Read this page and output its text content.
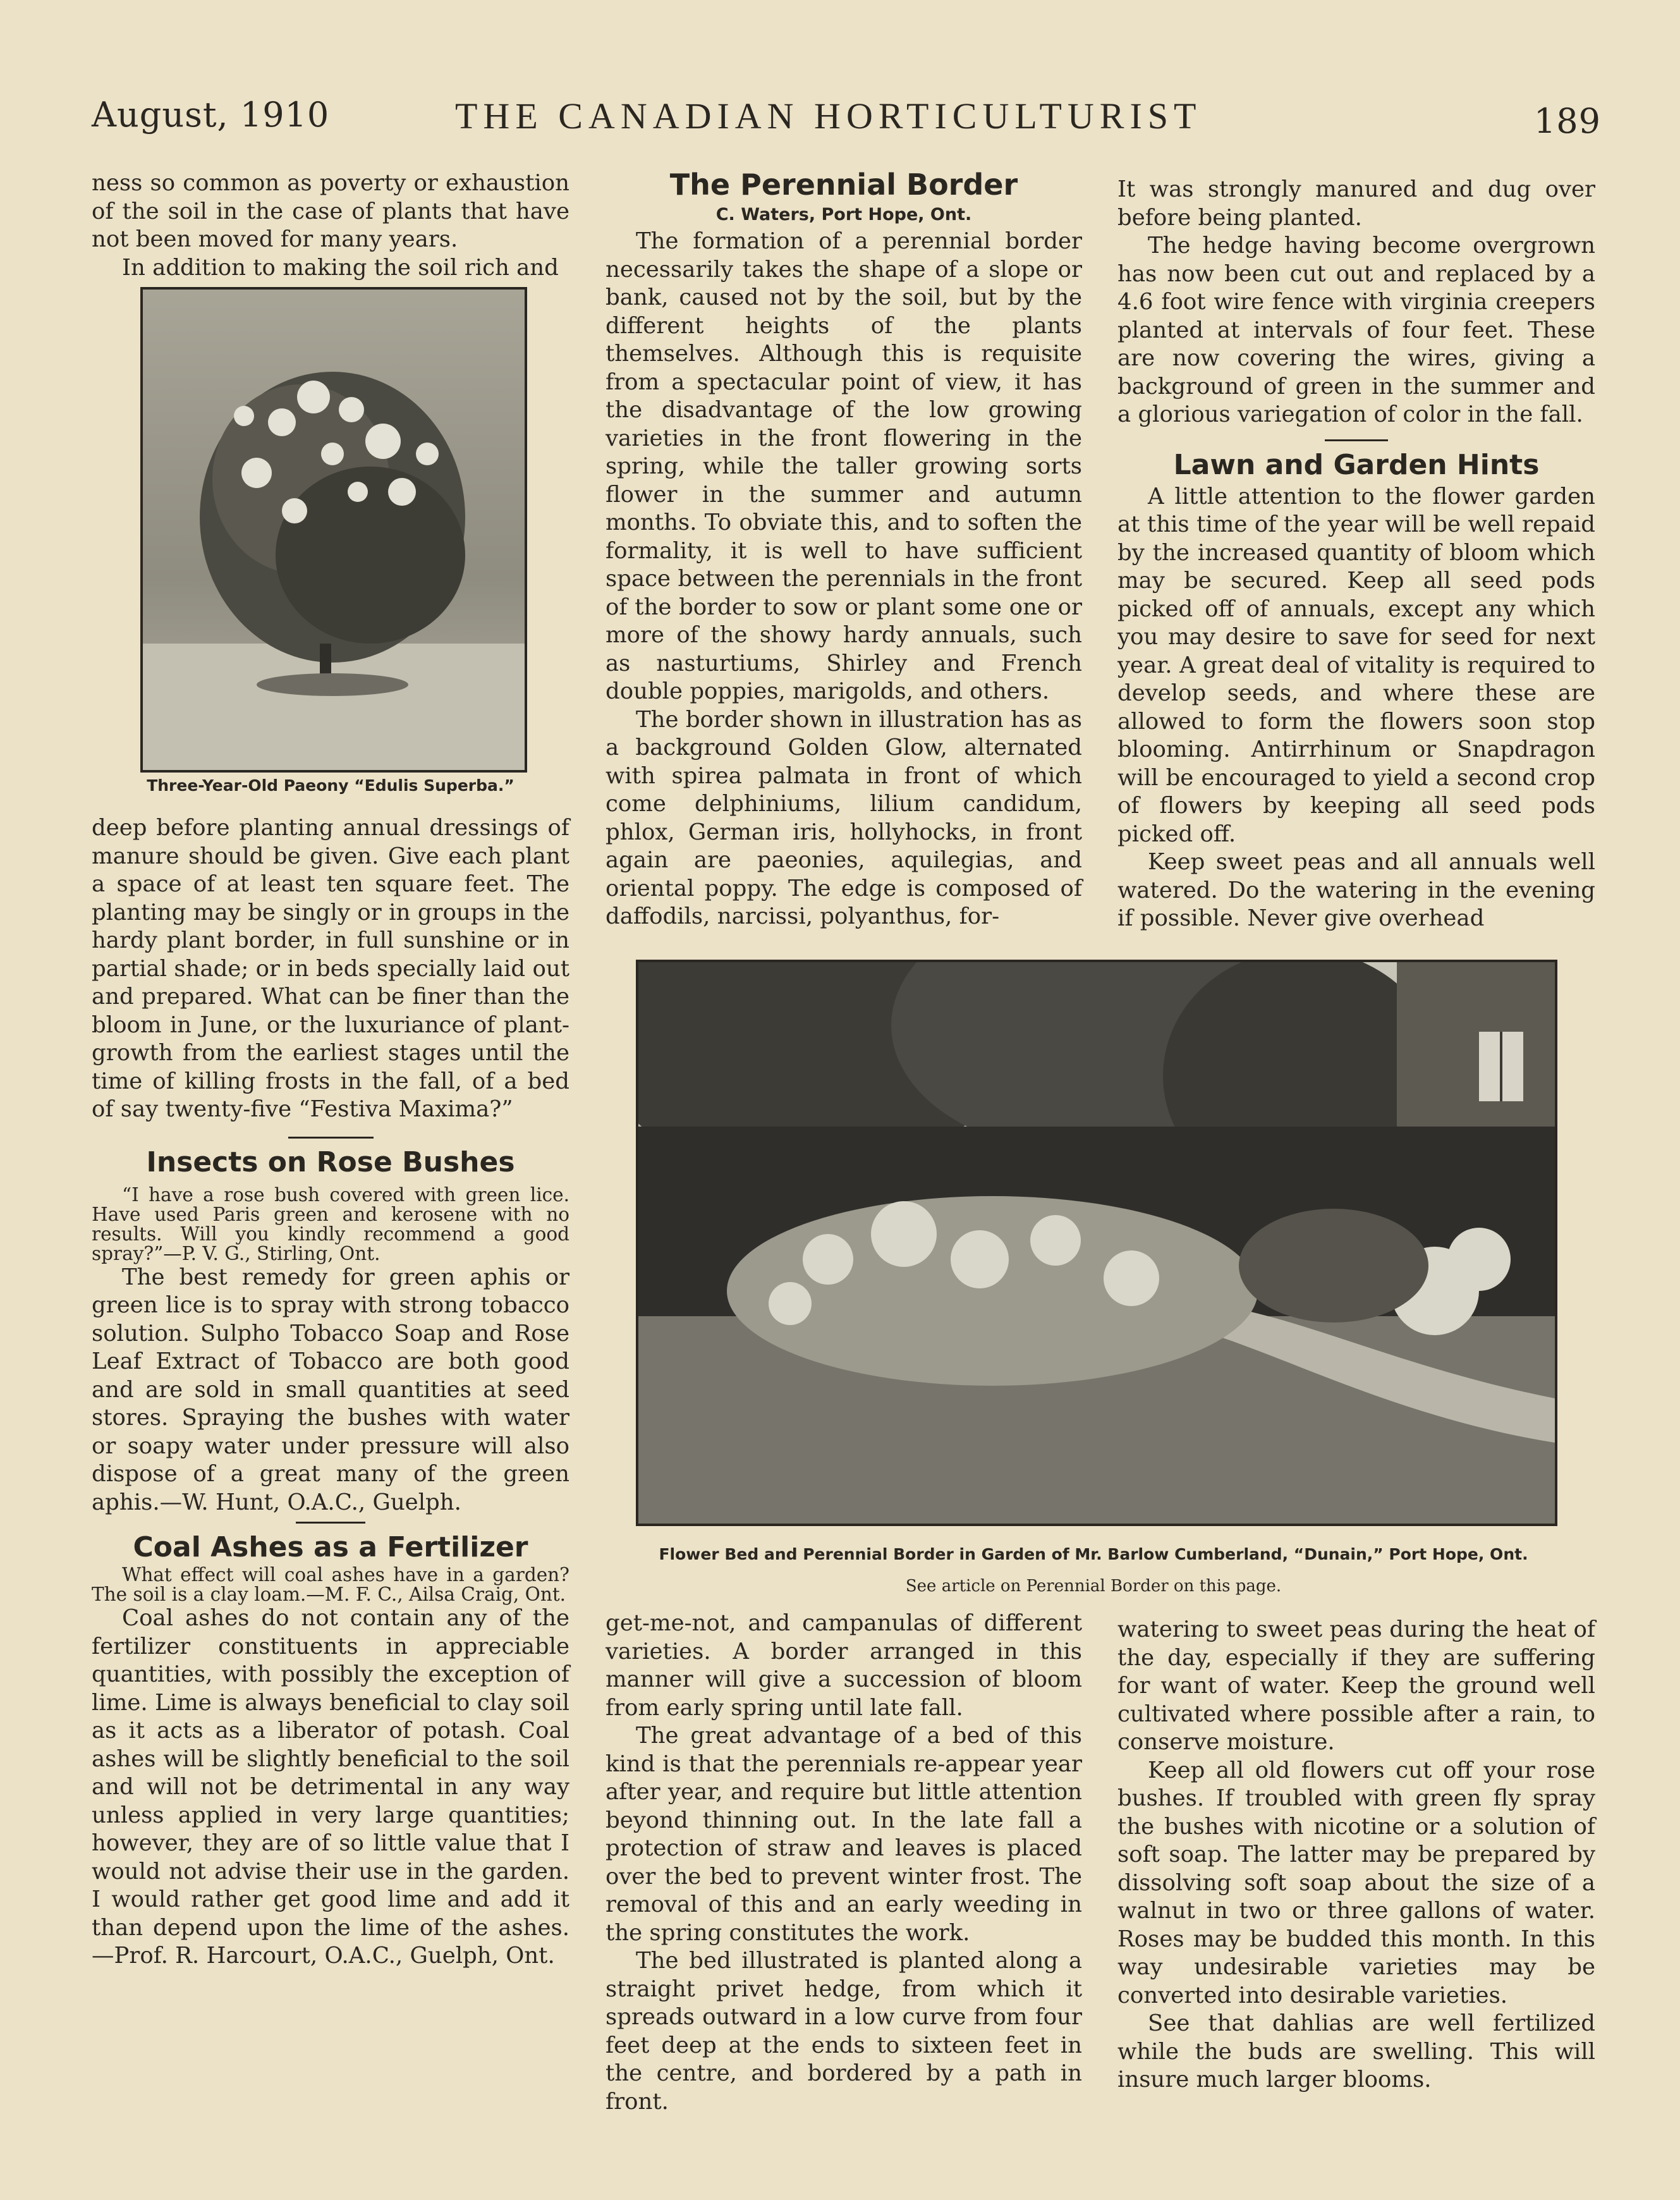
August, 1910	THE CANADIAN HORTICULTURIST	189

ness so common as poverty or exhaustion of the soil in the case of plants that have not been moved for many years.

In addition to making the soil rich and

Three-Year-Old Paeony “Edulis Superba.”

deep before planting annual dressings of manure should be given. Give each plant a space of at least ten square feet. The planting may be singly or in groups in the hardy plant border, in full sunshine or in partial shade; or in beds specially laid out and prepared. What can be finer than the bloom in June, or the luxuriance of plant-growth from the earliest stages until the time of killing frosts in the fall, of a bed of say twenty-five “Festiva Maxima?”

Insects on Rose Bushes

“I have a rose bush covered with green lice. Have used Paris green and kerosene with no results. Will you kindly recommend a good spray?”—P. V. G., Stirling, Ont.

The best remedy for green aphis or green lice is to spray with strong tobacco solution. Sulpho Tobacco Soap and Rose Leaf Extract of Tobacco are both good and are sold in small quantities at seed stores. Spraying the bushes with water or soapy water under pressure will also dispose of a great many of the green aphis.—W. Hunt, O.A.C., Guelph.

Coal Ashes as a Fertilizer

What effect will coal ashes have in a garden? The soil is a clay loam.—M. F. C., Ailsa Craig, Ont.

Coal ashes do not contain any of the fertilizer constituents in appreciable quantities, with possibly the exception of lime. Lime is always beneficial to clay soil as it acts as a liberator of potash. Coal ashes will be slightly beneficial to the soil and will not be detrimental in any way unless applied in very large quantities; however, they are of so little value that I would not advise their use in the garden. I would rather get good lime and add it than depend upon the lime of the ashes.—Prof. R. Harcourt, O.A.C., Guelph, Ont.

The Perennial Border
C. Waters, Port Hope, Ont.

The formation of a perennial border necessarily takes the shape of a slope or bank, caused not by the soil, but by the different heights of the plants themselves. Although this is requisite from a spectacular point of view, it has the disadvantage of the low growing varieties in the front flowering in the spring, while the taller growing sorts flower in the summer and autumn months. To obviate this, and to soften the formality, it is well to have sufficient space between the perennials in the front of the border to sow or plant some one or more of the showy hardy annuals, such as nasturtiums, Shirley and French double poppies, marigolds, and others.

The border shown in illustration has as a background Golden Glow, alternated with spirea palmata in front of which come delphiniums, lilium candidum, phlox, German iris, hollyhocks, in front again are paeonies, aquilegias, and oriental poppy. The edge is composed of daffodils, narcissi, polyanthus, for-

It was strongly manured and dug over before being planted.

The hedge having become overgrown has now been cut out and replaced by a 4.6 foot wire fence with virginia creepers planted at intervals of four feet. These are now covering the wires, giving a background of green in the summer and a glorious variegation of color in the fall.

Lawn and Garden Hints

A little attention to the flower garden at this time of the year will be well repaid by the increased quantity of bloom which may be secured. Keep all seed pods picked off of annuals, except any which you may desire to save for seed for next year. A great deal of vitality is required to develop seeds, and where these are allowed to form the flowers soon stop blooming. Antirrhinum or Snapdragon will be encouraged to yield a second crop of flowers by keeping all seed pods picked off.

Keep sweet peas and all annuals well watered. Do the watering in the evening if possible. Never give overhead

Flower Bed and Perennial Border in Garden of Mr. Barlow Cumberland, “Dunain,” Port Hope, Ont.
See article on Perennial Border on this page.

get-me-not, and campanulas of different varieties. A border arranged in this manner will give a succession of bloom from early spring until late fall.

The great advantage of a bed of this kind is that the perennials re-appear year after year, and require but little attention beyond thinning out. In the late fall a protection of straw and leaves is placed over the bed to prevent winter frost. The removal of this and an early weeding in the spring constitutes the work.

The bed illustrated is planted along a straight privet hedge, from which it spreads outward in a low curve from four feet deep at the ends to sixteen feet in the centre, and bordered by a path in front.

watering to sweet peas during the heat of the day, especially if they are suffering for want of water. Keep the ground well cultivated where possible after a rain, to conserve moisture.

Keep all old flowers cut off your rose bushes. If troubled with green fly spray the bushes with nicotine or a solution of soft soap. The latter may be prepared by dissolving soft soap about the size of a walnut in two or three gallons of water. Roses may be budded this month. In this way undesirable varieties may be converted into desirable varieties.

See that dahlias are well fertilized while the buds are swelling. This will insure much larger blooms.
